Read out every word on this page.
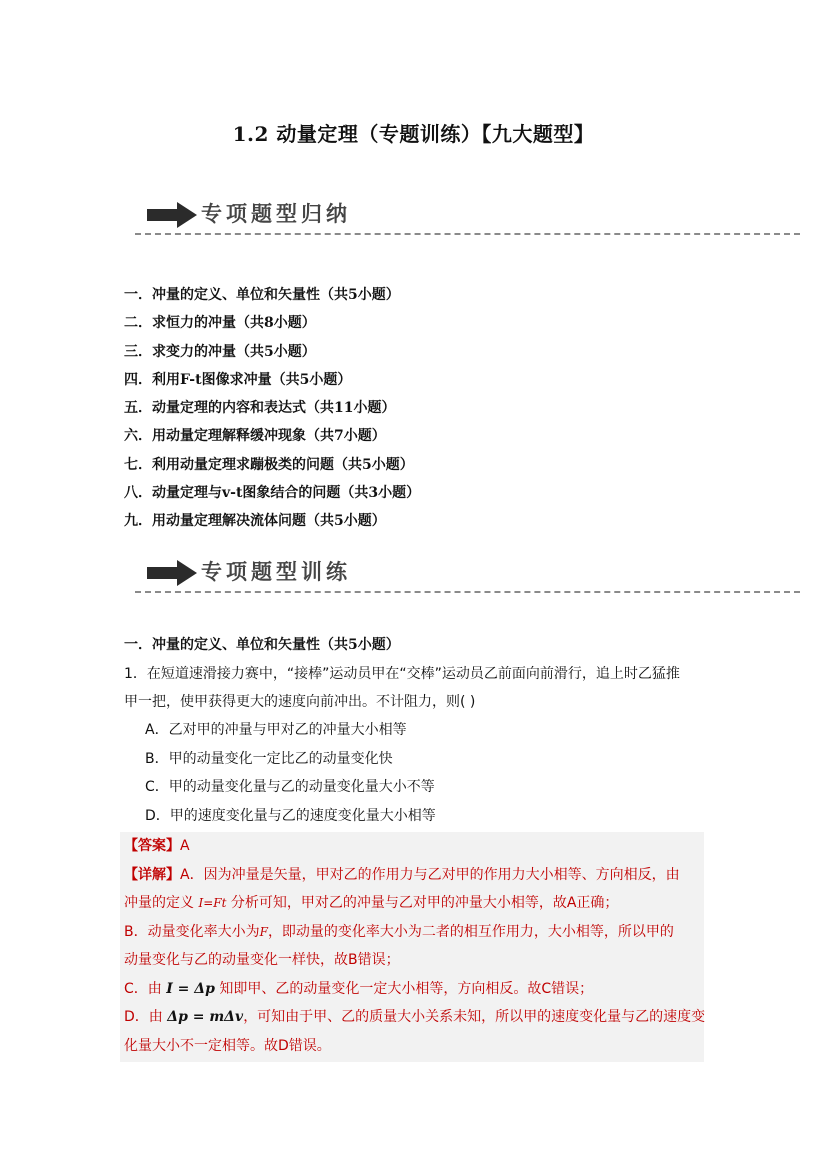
1.2 动量定理（专题训练）【九大题型】
专项题型归纳
一．冲量的定义、单位和矢量性（共5小题）
二．求恒力的冲量（共8小题）
三．求变力的冲量（共5小题）
四．利用F-t图像求冲量（共5小题）
五．动量定理的内容和表达式（共11小题）
六．用动量定理解释缓冲现象（共7小题）
七．利用动量定理求蹦极类的问题（共5小题）
八．动量定理与v-t图象结合的问题（共3小题）
九．用动量定理解决流体问题（共5小题）
专项题型训练
一．冲量的定义、单位和矢量性（共5小题）
1．在短道速滑接力赛中，“接棒”运动员甲在“交棒”运动员乙前面向前滑行，追上时乙猛推
甲一把，使甲获得更大的速度向前冲出。不计阻力，则( )
A．乙对甲的冲量与甲对乙的冲量大小相等
B．甲的动量变化一定比乙的动量变化快
C．甲的动量变化量与乙的动量变化量大小不等
D．甲的速度变化量与乙的速度变化量大小相等
【答案】A
【详解】A．因为冲量是矢量，甲对乙的作用力与乙对甲的作用力大小相等、方向相反，由
冲量的定义 I=Ft 分析可知，甲对乙的冲量与乙对甲的冲量大小相等，故A正确；
B．动量变化率大小为F，即动量的变化率大小为二者的相互作用力，大小相等，所以甲的
动量变化与乙的动量变化一样快，故B错误；
C．由 I = Δp 知即甲、乙的动量变化一定大小相等，方向相反。故C错误；
D．由 Δp = mΔv，可知由于甲、乙的质量大小关系未知，所以甲的速度变化量与乙的速度变
化量大小不一定相等。故D错误。
